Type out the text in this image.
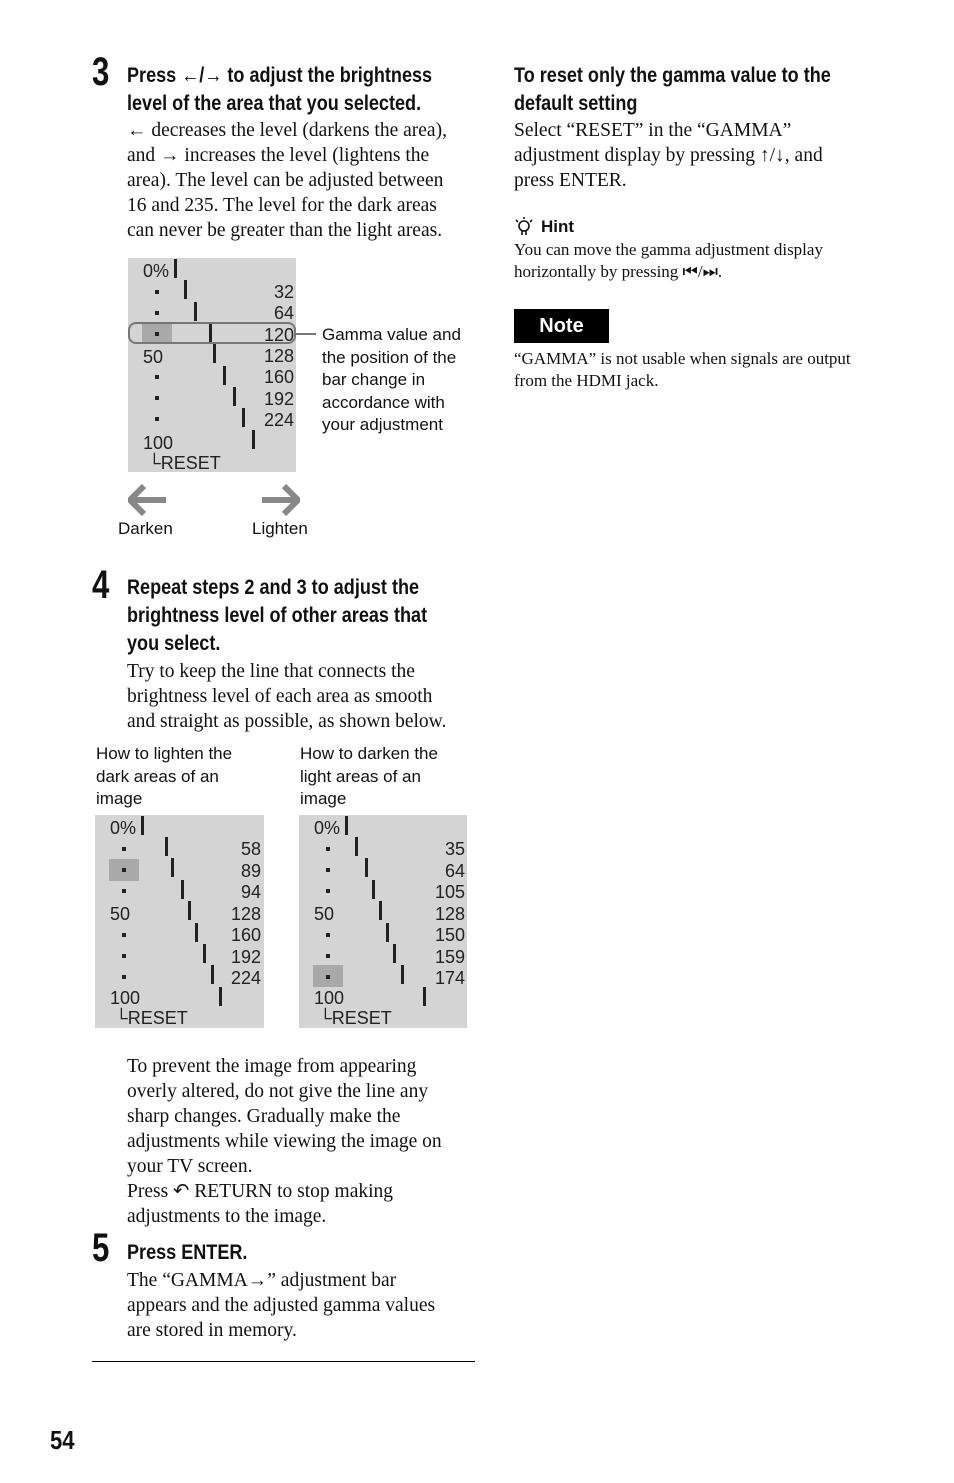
3 Press ←/→ to adjust the brightness
level of the area that you selected.
← decreases the level (darkens the area),
and → increases the level (lightens the
area). The level can be adjusted between
16 and 235. The level for the dark areas
can never be greater than the light areas.
0%
50
100
└RESET
32
64
120
128
160
192
224
Gamma value and
the position of the
bar change in
accordance with
your adjustment
Darken	Lighten
4 Repeat steps 2 and 3 to adjust the
brightness level of other areas that
you select.
Try to keep the line that connects the
brightness level of each area as smooth
and straight as possible, as shown below.
How to lighten the
dark areas of an
image
How to darken the
light areas of an
image
0%
50
100
└RESET
58
89
94
128
160
192
224
0%
50
100
└RESET
35
64
105
128
150
159
174
To prevent the image from appearing
overly altered, do not give the line any
sharp changes. Gradually make the
adjustments while viewing the image on
your TV screen.
Press ↶ RETURN to stop making
adjustments to the image.
5 Press ENTER.
The “GAMMA→” adjustment bar
appears and the adjusted gamma values
are stored in memory.
To reset only the gamma value to the
default setting
Select “RESET” in the “GAMMA”
adjustment display by pressing ↑/↓, and
press ENTER.
Hint
You can move the gamma adjustment display
horizontally by pressing ⏮/⏭.
Note
“GAMMA” is not usable when signals are output
from the HDMI jack.
54
